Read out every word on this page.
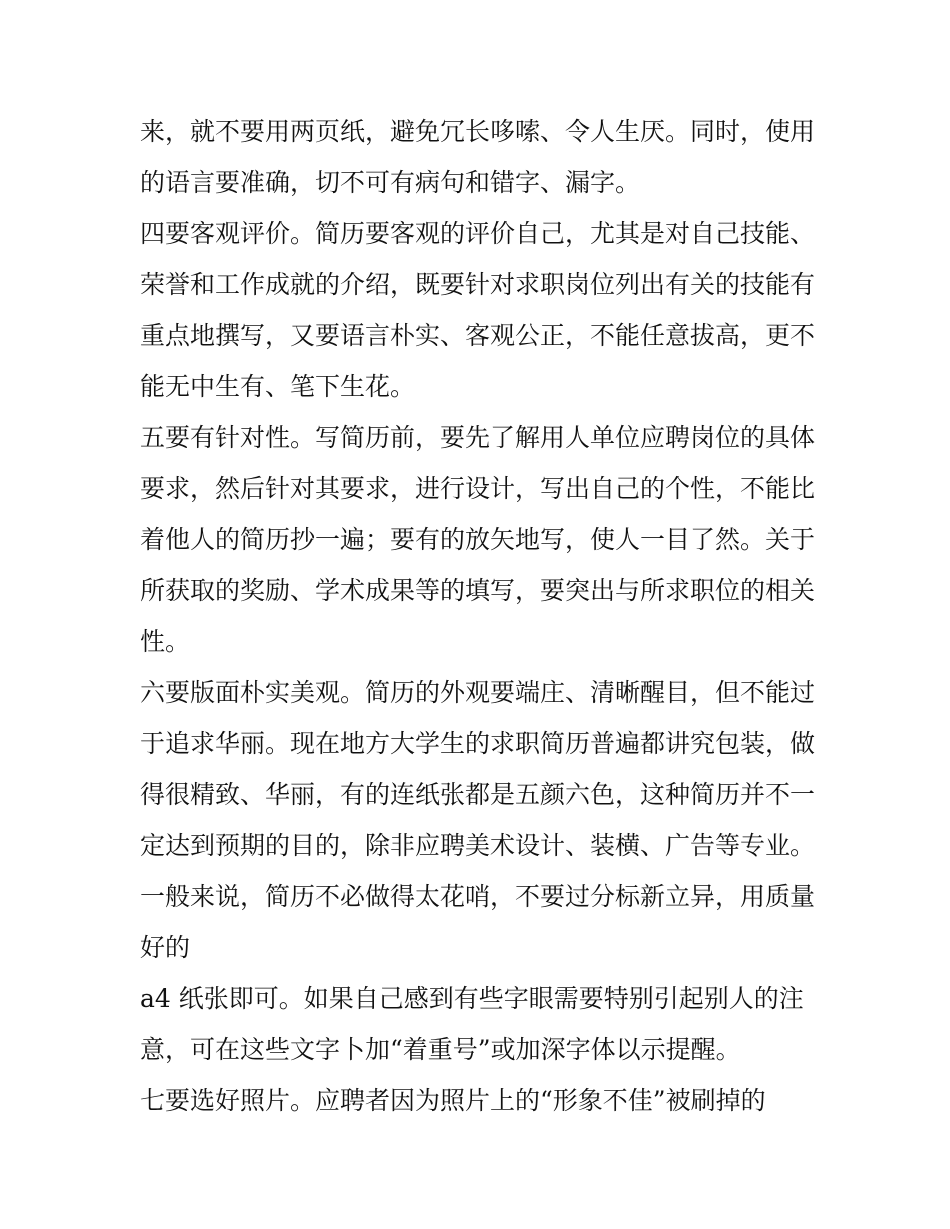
来，就不要用两页纸，避免冗长哆嗦、令人生厌。同时，使用
的语言要准确，切不可有病句和错字、漏字。
四要客观评价。简历要客观的评价自己，尤其是对自己技能、
荣誉和工作成就的介绍，既要针对求职岗位列出有关的技能有
重点地撰写，又要语言朴实、客观公正，不能任意拔高，更不
能无中生有、笔下生花。
五要有针对性。写简历前，要先了解用人单位应聘岗位的具体
要求，然后针对其要求，进行设计，写出自己的个性，不能比
着他人的简历抄一遍；要有的放矢地写，使人一目了然。关于
所获取的奖励、学术成果等的填写，要突出与所求职位的相关
性。
六要版面朴实美观。简历的外观要端庄、清晰醒目，但不能过
于追求华丽。现在地方大学生的求职简历普遍都讲究包装，做
得很精致、华丽，有的连纸张都是五颜六色，这种简历并不一
定达到预期的目的，除非应聘美术设计、装横、广告等专业。
一般来说，简历不必做得太花哨，不要过分标新立异，用质量
好的
a4 纸张即可。如果自己感到有些字眼需要特别引起别人的注
意，可在这些文字卜加“着重号”或加深字体以示提醒。
七要选好照片。应聘者因为照片上的“形象不佳”被刷掉的
